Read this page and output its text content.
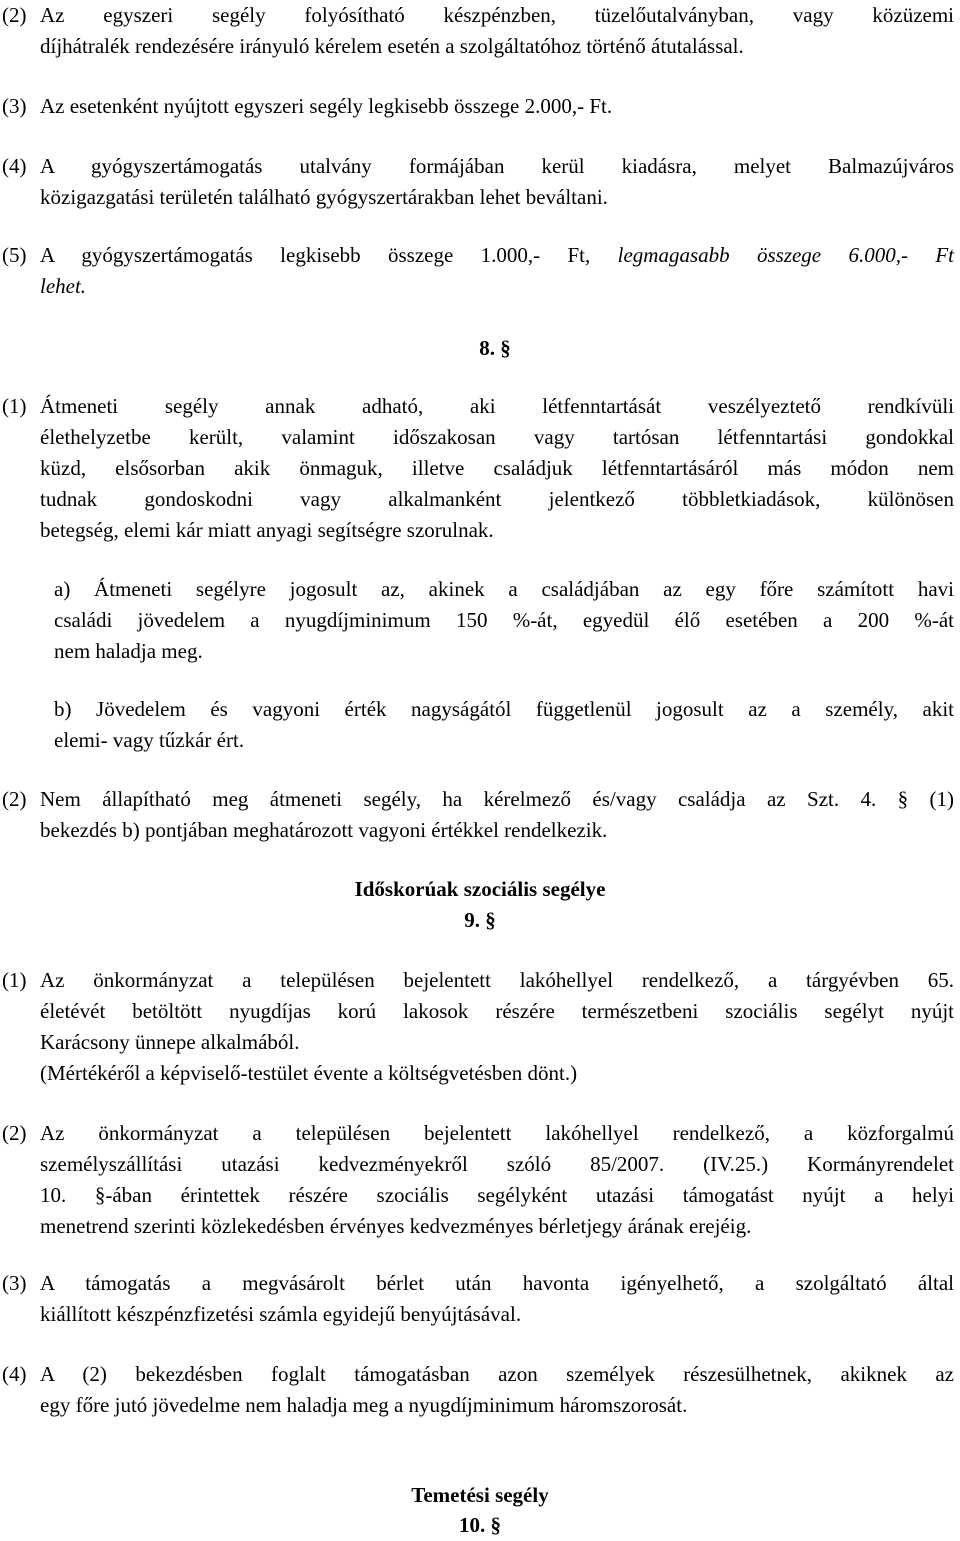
(2) Az egyszeri segély folyósítható készpénzben, tüzelőutalványban, vagy közüzemi
díjhátralék rendezésére irányuló kérelem esetén a szolgáltatóhoz történő átutalással.
(3) Az esetenként nyújtott egyszeri segély legkisebb összege 2.000,- Ft.
(4) A gyógyszertámogatás utalvány formájában kerül kiadásra, melyet Balmazújváros
közigazgatási területén található gyógyszertárakban lehet beváltani.
(5) A gyógyszertámogatás legkisebb összege 1.000,- Ft, legmagasabb összege 6.000,- Ft
lehet.
8. §
(1) Átmeneti segély annak adható, aki létfenntartását veszélyeztető rendkívüli
élethelyzetbe került, valamint időszakosan vagy tartósan létfenntartási gondokkal
küzd, elsősorban akik önmaguk, illetve családjuk létfenntartásáról más módon nem
tudnak gondoskodni vagy alkalmanként jelentkező többletkiadások, különösen
betegség, elemi kár miatt anyagi segítségre szorulnak.
a) Átmeneti segélyre jogosult az, akinek a családjában az egy főre számított havi
családi jövedelem a nyugdíjminimum 150 %-át, egyedül élő esetében a 200 %-át
nem haladja meg.
b) Jövedelem és vagyoni érték nagyságától függetlenül jogosult az a személy, akit
elemi- vagy tűzkár ért.
(2) Nem állapítható meg átmeneti segély, ha kérelmező és/vagy családja az Szt. 4. § (1)
bekezdés b) pontjában meghatározott vagyoni értékkel rendelkezik.
Időskorúak szociális segélye
9. §
(1) Az önkormányzat a településen bejelentett lakóhellyel rendelkező, a tárgyévben 65.
életévét betöltött nyugdíjas korú lakosok részére természetbeni szociális segélyt nyújt
Karácsony ünnepe alkalmából.
(Mértékéről a képviselő-testület évente a költségvetésben dönt.)
(2) Az önkormányzat a településen bejelentett lakóhellyel rendelkező, a közforgalmú
személyszállítási utazási kedvezményekről szóló 85/2007. (IV.25.) Kormányrendelet
10. §-ában érintettek részére szociális segélyként utazási támogatást nyújt a helyi
menetrend szerinti közlekedésben érvényes kedvezményes bérletjegy árának erejéig.
(3) A támogatás a megvásárolt bérlet után havonta igényelhető, a szolgáltató által
kiállított készpénzfizetési számla egyidejű benyújtásával.
(4) A (2) bekezdésben foglalt támogatásban azon személyek részesülhetnek, akiknek az
egy főre jutó jövedelme nem haladja meg a nyugdíjminimum háromszorosát.
Temetési segély
10. §
